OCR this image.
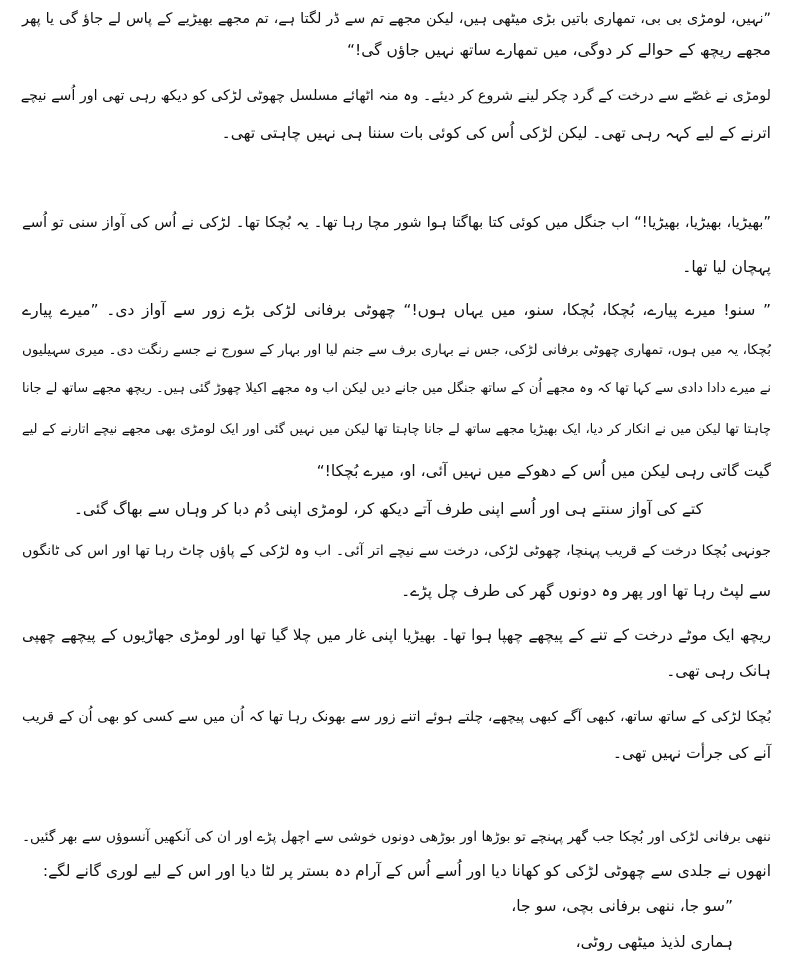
”نہیں، لومڑی بی بی، تمھاری باتیں بڑی میٹھی ہیں، لیکن مجھے تم سے ڈر لگتا ہے، تم مجھے بھیڑیے کے پاس لے جاؤ گی یا پھر
مجھے ریچھ کے حوالے کر دوگی، میں تمھارے ساتھ نہیں جاؤں گی!“
لومڑی نے غصّے سے درخت کے گرد چکر لینے شروع کر دیئے۔ وہ منہ اٹھائے مسلسل چھوٹی لڑکی کو دیکھ رہی تھی اور اُسے نیچے
اترنے کے لیے کہہ رہی تھی۔ لیکن لڑکی اُس کی کوئی بات سننا ہی نہیں چاہتی تھی۔
”بھیڑیا، بھیڑیا، بھیڑیا!“ اب جنگل میں کوئی کتا بھاگتا ہوا شور مچا رہا تھا۔ یہ بُچکا تھا۔ لڑکی نے اُس کی آواز سنی تو اُسے
پہچان لیا تھا۔
” سنو! میرے پیارے، بُچکا، بُچکا، سنو، میں یہاں ہوں!“ چھوٹی برفانی لڑکی بڑے زور سے آواز دی۔ ”میرے پیارے
بُچکا، یہ میں ہوں، تمھاری چھوٹی برفانی لڑکی، جس نے بہاری برف سے جنم لیا اور بہار کے سورج نے جسے رنگت دی۔ میری سہیلیوں
نے میرے دادا دادی سے کہا تھا کہ وہ مجھے اُن کے ساتھ جنگل میں جانے دیں لیکن اب وہ مجھے اکیلا چھوڑ گئی ہیں۔ ریچھ مجھے ساتھ لے جانا
چاہتا تھا لیکن میں نے انکار کر دیا، ایک بھیڑیا مجھے ساتھ لے جانا چاہتا تھا لیکن میں نہیں گئی اور ایک لومڑی بھی مجھے نیچے اتارنے کے لیے
گیت گاتی رہی لیکن میں اُس کے دھوکے میں نہیں آئی، او، میرے بُچکا!“
کتے کی آواز سنتے ہی اور اُسے اپنی طرف آتے دیکھ کر، لومڑی اپنی دُم دبا کر وہاں سے بھاگ گئی۔
جونہی بُچکا درخت کے قریب پہنچا، چھوٹی لڑکی، درخت سے نیچے اتر آئی۔ اب وہ لڑکی کے پاؤں چاٹ رہا تھا اور اس کی ٹانگوں
سے لپٹ رہا تھا اور پھر وہ دونوں گھر کی طرف چل پڑے۔
ریچھ ایک موٹے درخت کے تنے کے پیچھے چھپا ہوا تھا۔ بھیڑیا اپنی غار میں چلا گیا تھا اور لومڑی جھاڑیوں کے پیچھے چھپی
ہانک رہی تھی۔
بُچکا لڑکی کے ساتھ ساتھ، کبھی آگے کبھی پیچھے، چلتے ہوئے اتنے زور سے بھونک رہا تھا کہ اُن میں سے کسی کو بھی اُن کے قریب
آنے کی جرأت نہیں تھی۔
ننھی برفانی لڑکی اور بُچکا جب گھر پہنچے تو بوڑھا اور بوڑھی دونوں خوشی سے اچھل پڑے اور ان کی آنکھیں آنسوؤں سے بھر گئیں۔
انھوں نے جلدی سے چھوٹی لڑکی کو کھانا دیا اور اُسے اُس کے آرام دہ بستر پر لٹا دیا اور اس کے لیے لوری گانے لگے:
”سو جا، ننھی برفانی بچی، سو جا،
ہماری لذیذ میٹھی روٹی،
